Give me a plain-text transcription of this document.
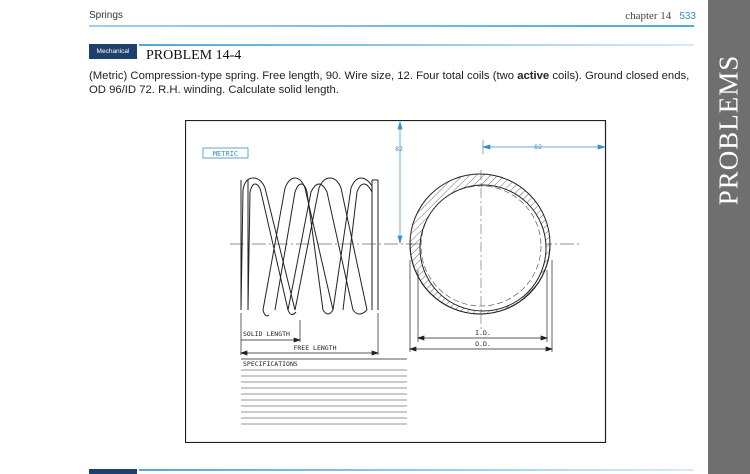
Springs	chapter 14 533
PROBLEMS
Mechanical	PROBLEM 14-4
(Metric) Compression-type spring. Free length, 90. Wire size, 12. Four total coils (two active coils). Ground closed ends, OD 96/ID 72. R.H. winding. Calculate solid length.
METRIC
82	82
SOLID LENGTH
FREE LENGTH
SPECIFICATIONS
I.D.
O.D.
